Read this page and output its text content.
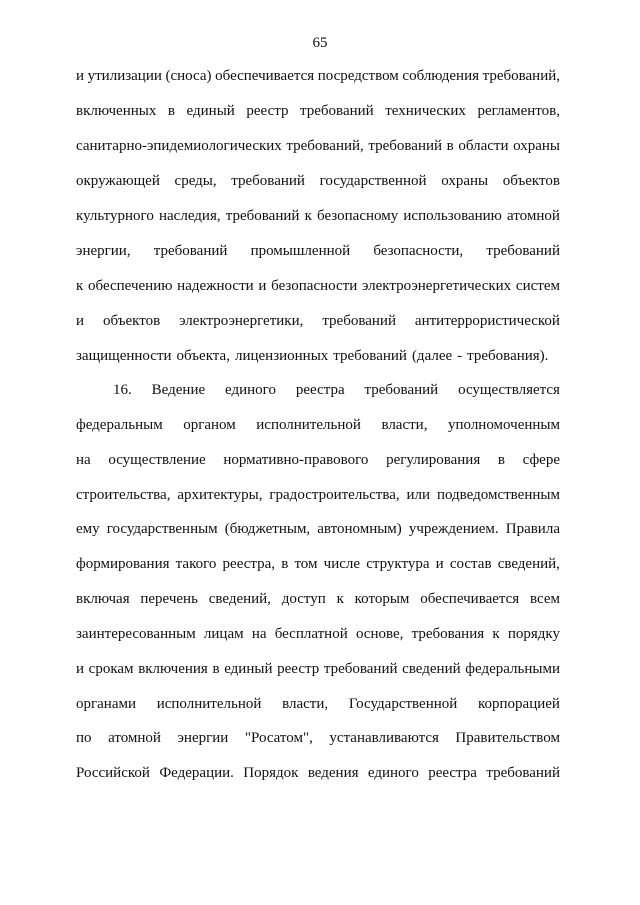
65
и утилизации (сноса) обеспечивается посредством соблюдения требований,
включенных в единый реестр требований технических регламентов,
санитарно-эпидемиологических требований, требований в области охраны
окружающей среды, требований государственной охраны объектов
культурного наследия, требований к безопасному использованию атомной
энергии, требований промышленной безопасности, требований
к обеспечению надежности и безопасности электроэнергетических систем
и объектов электроэнергетики, требований антитеррористической
защищенности объекта, лицензионных требований (далее - требования).
16. Ведение единого реестра требований осуществляется
федеральным органом исполнительной власти, уполномоченным
на осуществление нормативно-правового регулирования в сфере
строительства, архитектуры, градостроительства, или подведомственным
ему государственным (бюджетным, автономным) учреждением. Правила
формирования такого реестра, в том числе структура и состав сведений,
включая перечень сведений, доступ к которым обеспечивается всем
заинтересованным лицам на бесплатной основе, требования к порядку
и срокам включения в единый реестр требований сведений федеральными
органами исполнительной власти, Государственной корпорацией
по атомной энергии "Росатом", устанавливаются Правительством
Российской Федерации. Порядок ведения единого реестра требований
